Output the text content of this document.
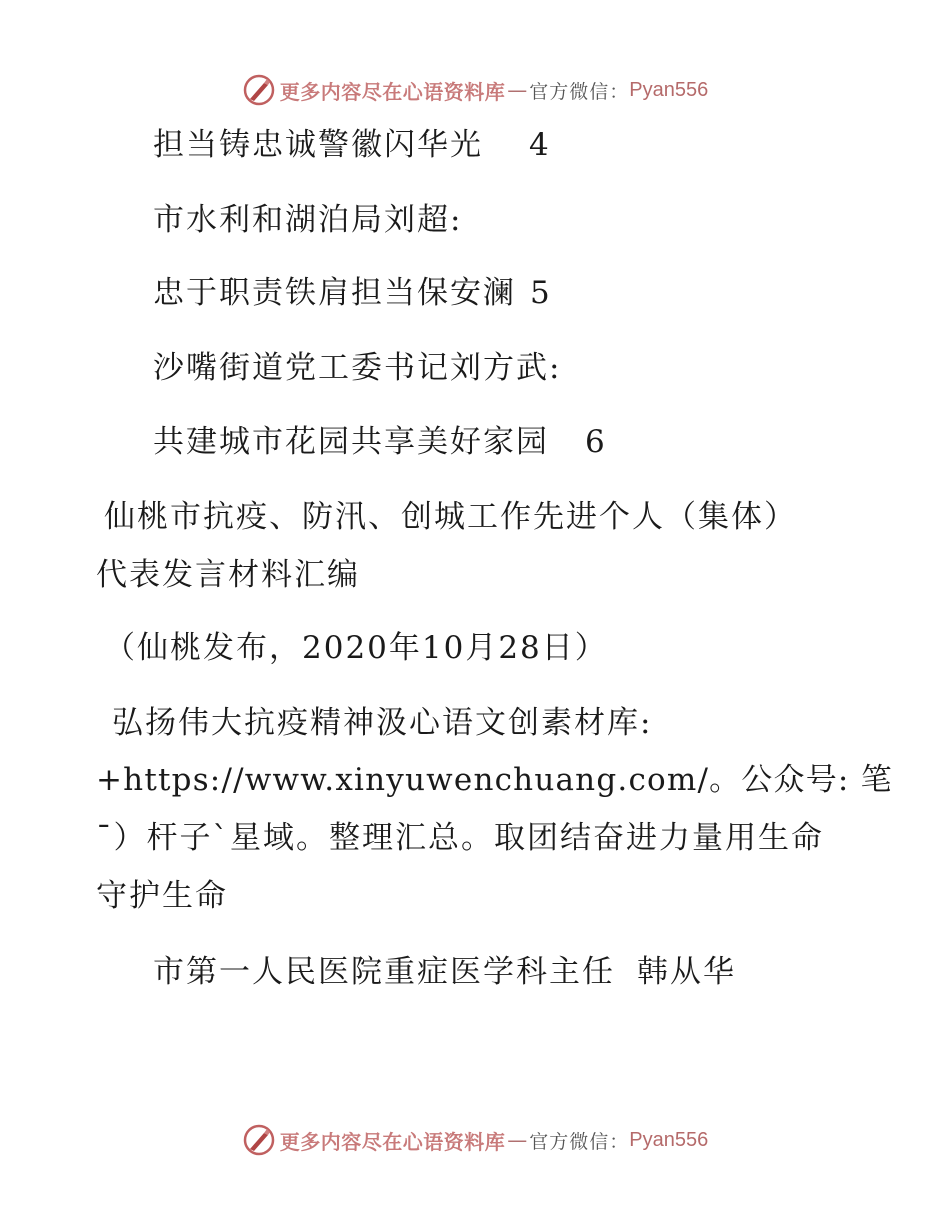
更多内容尽在心语资料库 — 官方微信： Pyan556
担当铸忠诚警徽闪华光 4
市水利和湖泊局刘超:
忠于职责铁肩担当保安澜 5
沙嘴街道党工委书记刘方武:
共建城市花园共享美好家园 6
仙桃市抗疫、防汛、创城工作先进个人（集体）
代表发言材料汇编
（仙桃发布，2020年10月28日）
弘扬伟大抗疫精神汲心语文创素材库:
+https://www.xinyuwenchuang.com/。公众号: 笔
¯）杆子`星域。整理汇总。取团结奋进力量用生命
守护生命
市第一人民医院重症医学科主任 韩从华
更多内容尽在心语资料库 — 官方微信： Pyan556
